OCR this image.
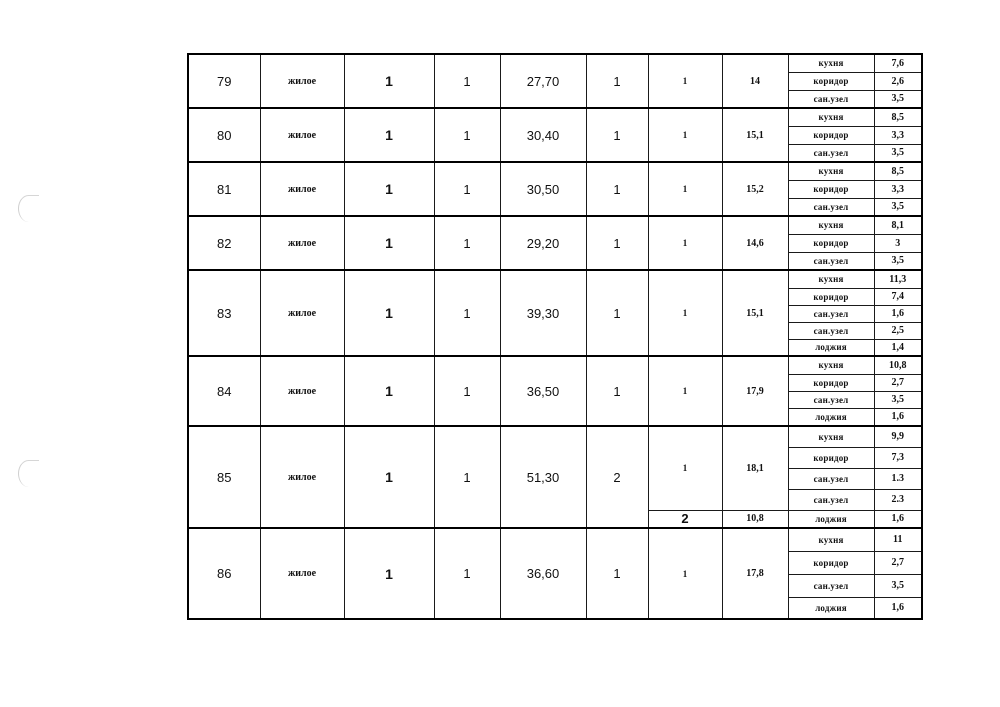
79	жилое	1	1	27,70	1	1	14	кухня	7,6
								коридор	2,6
								сан.узел	3,5
80	жилое	1	1	30,40	1	1	15,1	кухня	8,5
								коридор	3,3
								сан.узел	3,5
81	жилое	1	1	30,50	1	1	15,2	кухня	8,5
								коридор	3,3
								сан.узел	3,5
82	жилое	1	1	29,20	1	1	14,6	кухня	8,1
								коридор	3
								сан.узел	3,5
83	жилое	1	1	39,30	1	1	15,1	кухня	11,3
								коридор	7,4
								сан.узел	1,6
								сан.узел	2,5
								лоджия	1,4
84	жилое	1	1	36,50	1	1	17,9	кухня	10,8
								коридор	2,7
								сан.узел	3,5
								лоджия	1,6
85	жилое	1	1	51,30	2	1	18,1	кухня	9,9
								коридор	7,3
								сан.узел	1.3
								сан.узел	2.3
						2	10,8	лоджия	1,6
86	жилое	1	1	36,60	1	1	17,8	кухня	11
								коридор	2,7
								сан.узел	3,5
								лоджия	1,6
